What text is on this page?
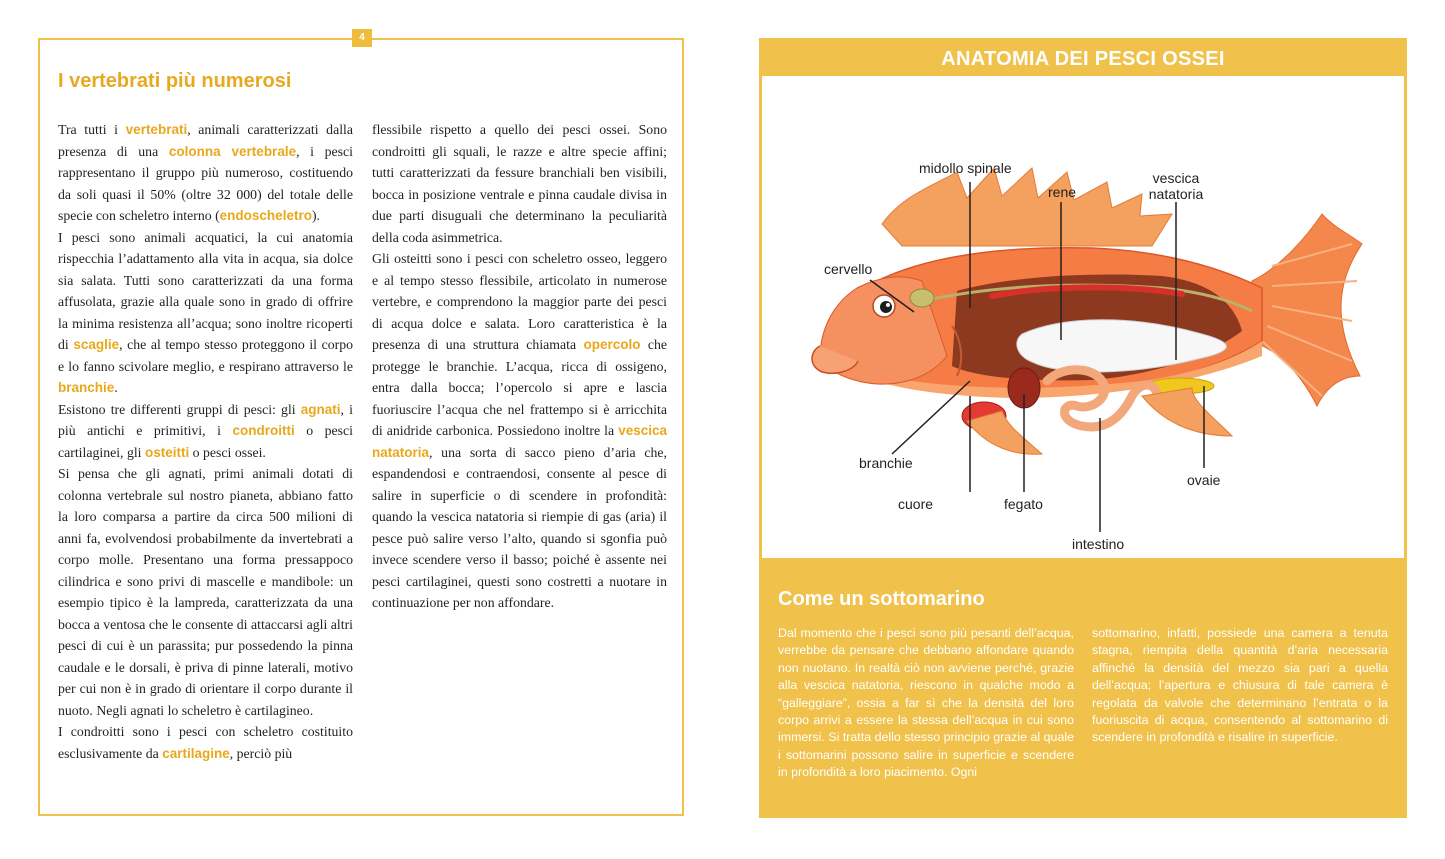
4
I vertebrati più numerosi

Tra tutti i vertebrati, animali caratterizzati dalla presenza di una colonna vertebrale, i pesci rappresentano il gruppo più numeroso, costituendo da soli quasi il 50% (oltre 32 000) del totale delle specie con scheletro interno (endoscheletro).

I pesci sono animali acquatici, la cui anatomia rispecchia l’adattamento alla vita in acqua, sia dolce sia salata. Tutti sono caratterizzati da una forma affusolata, grazie alla quale sono in grado di offrire la minima resistenza all’acqua; sono inoltre ricoperti di scaglie, che al tempo stesso proteggono il corpo e lo fanno scivolare meglio, e respirano attraverso le branchie.

Esistono tre differenti gruppi di pesci: gli agnati, i più antichi e primitivi, i condroitti o pesci cartilaginei, gli osteitti o pesci ossei.

Si pensa che gli agnati, primi animali dotati di colonna vertebrale sul nostro pianeta, abbiano fatto la loro comparsa a partire da circa 500 milioni di anni fa, evolvendosi probabilmente da invertebrati a corpo molle. Presentano una forma pressappoco cilindrica e sono privi di mascelle e mandibole: un esempio tipico è la lampreda, caratterizzata da una bocca a ventosa che le consente di attaccarsi agli altri pesci di cui è un parassita; pur possedendo la pinna caudale e le dorsali, è priva di pinne laterali, motivo per cui non è in grado di orientare il corpo durante il nuoto. Negli agnati lo scheletro è cartilagineo.

I condroitti sono i pesci con scheletro costituito esclusivamente da cartilagine, perciò più

flessibile rispetto a quello dei pesci ossei. Sono condroitti gli squali, le razze e altre specie affini; tutti caratterizzati da fessure branchiali ben visibili, bocca in posizione ventrale e pinna caudale divisa in due parti disuguali che determinano la peculiarità della coda asimmetrica.

Gli osteitti sono i pesci con scheletro osseo, leggero e al tempo stesso flessibile, articolato in numerose vertebre, e comprendono la maggior parte dei pesci di acqua dolce e salata. Loro caratteristica è la presenza di una struttura chiamata opercolo che protegge le branchie. L’acqua, ricca di ossigeno, entra dalla bocca; l’opercolo si apre e lascia fuoriuscire l’acqua che nel frattempo si è arricchita di anidride carbonica. Possiedono inoltre la vescica natatoria, una sorta di sacco pieno d’aria che, espandendosi e contraendosi, consente al pesce di salire in superficie o di scendere in profondità: quando la vescica natatoria si riempie di gas (aria) il pesce può salire verso l’alto, quando si sgonfia può invece scendere verso il basso; poiché è assente nei pesci cartilaginei, questi sono costretti a nuotare in continuazione per non affondare.

ANATOMIA DEI PESCI OSSEI
midollo spinale
rene
vescica
natatoria
cervello
branchie
cuore	fegato
intestino
ovaie
Come un sottomarino

Dal momento che i pesci sono più pesanti dell’acqua, verrebbe da pensare che debbano affondare quando non nuotano. In realtà ciò non avviene perché, grazie alla vescica natatoria, riescono in qualche modo a “galleggiare”, ossia a far sì che la densità del loro corpo arrivi a essere la stessa dell’acqua in cui sono immersi. Si tratta dello stesso principio grazie al quale i sottomarini possono salire in superficie e scendere in profondità a loro piacimento. Ogni

sottomarino, infatti, possiede una camera a tenuta stagna, riempita della quantità d’aria necessaria affinché la densità del mezzo sia pari a quella dell’acqua; l’apertura e chiusura di tale camera è regolata da valvole che determinano l’entrata o la fuoriuscita di acqua, consentendo al sottomarino di scendere in profondità e risalire in superficie.
